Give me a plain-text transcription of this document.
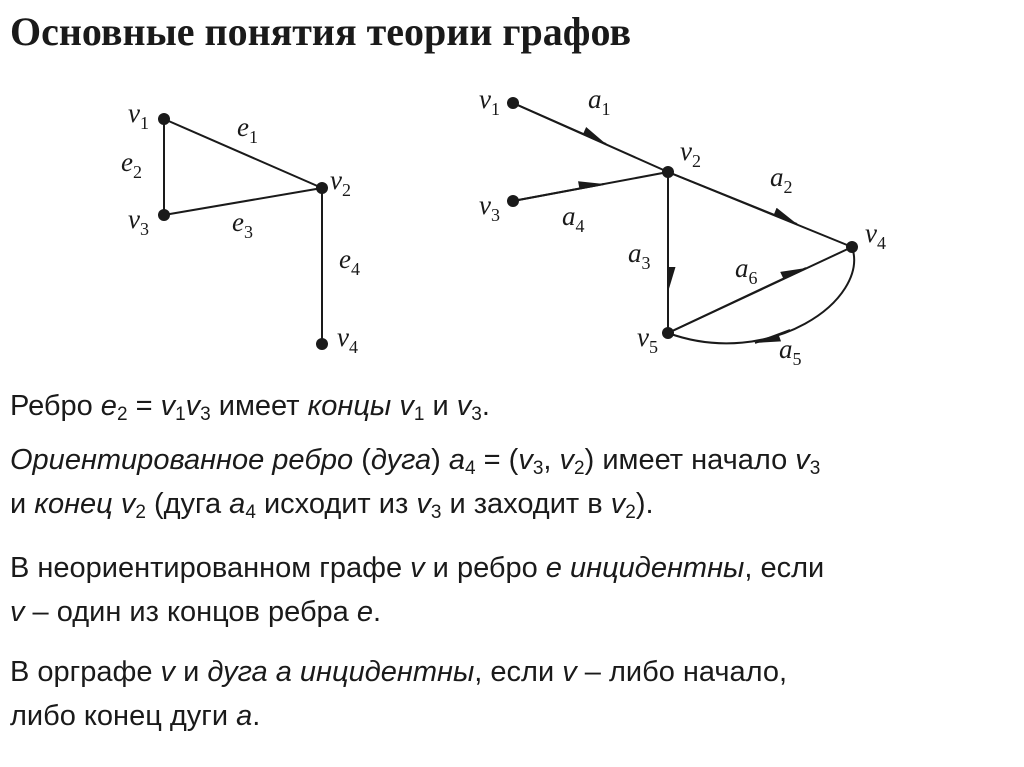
Основные понятия теории графов
$v_1$
$v_2$
$v_3$
$v_4$
$e_1$
$e_2$
$e_3$
$e_4$
$v_1$
$v_2$
$v_3$
$v_4$
$v_5$
$a_1$
$a_2$
$a_3$
$a_4$
$a_5$
$a_6$

Ребро $e_2 = v_1v_3$ имеет концы $v_1$ и $v_3$.

Ориентированное ребро (дуга) $a_4 = (v_3$, $v_2$) имеет начало $v_3$
и конец $v_2$ (дуга $a_4$ исходит из $v_3$ и заходит в $v_2$).

В неориентированном графе v и ребро e инцидентны, если
v – один из концов ребра e.

В орграфе v и дуга a инцидентны, если v – либо начало,
либо конец дуги a.
